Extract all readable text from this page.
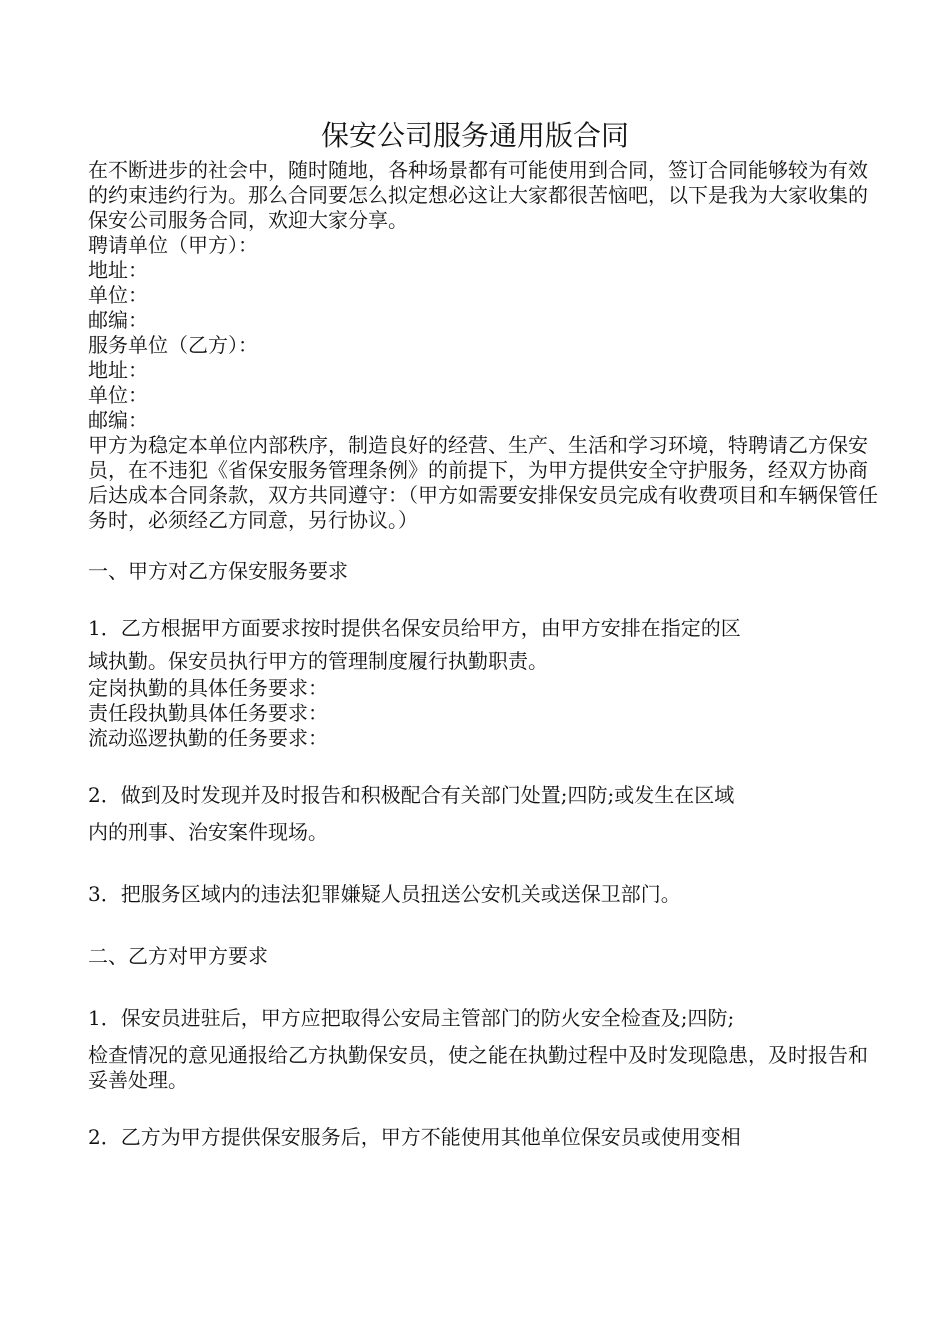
保安公司服务通用版合同

在不断进步的社会中，随时随地，各种场景都有可能使用到合同，签订合同能够较为有效的约束违约行为。那么合同要怎么拟定想必这让大家都很苦恼吧，以下是我为大家收集的保安公司服务合同，欢迎大家分享。

聘请单位（甲方）：

地址：

单位：

邮编：

服务单位（乙方）：

地址：

单位：

邮编：

甲方为稳定本单位内部秩序，制造良好的经营、生产、生活和学习环境，特聘请乙方保安员，在不违犯《省保安服务管理条例》的前提下，为甲方提供安全守护服务，经双方协商后达成本合同条款，双方共同遵守：（甲方如需要安排保安员完成有收费项目和车辆保管任务时，必须经乙方同意，另行协议。）

一、甲方对乙方保安服务要求

1．乙方根据甲方面要求按时提供名保安员给甲方，由甲方安排在指定的区

域执勤。保安员执行甲方的管理制度履行执勤职责。

定岗执勤的具体任务要求：

责任段执勤具体任务要求：

流动巡逻执勤的任务要求：

2．做到及时发现并及时报告和积极配合有关部门处置;四防;或发生在区域

内的刑事、治安案件现场。

3．把服务区域内的违法犯罪嫌疑人员扭送公安机关或送保卫部门。

二、乙方对甲方要求

1．保安员进驻后，甲方应把取得公安局主管部门的防火安全检查及;四防;

检查情况的意见通报给乙方执勤保安员，使之能在执勤过程中及时发现隐患，及时报告和妥善处理。

2．乙方为甲方提供保安服务后，甲方不能使用其他单位保安员或使用变相
